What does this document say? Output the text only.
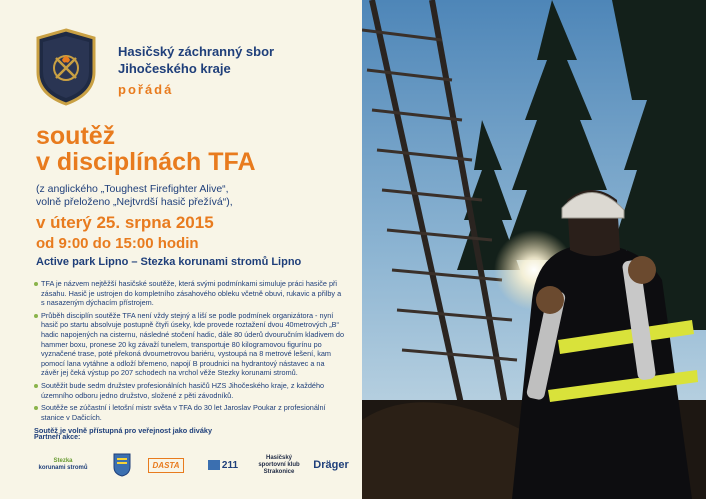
Hasičský záchranný sbor
Jihočeského kraje
pořádá
soutěž
v disciplínách TFA
(z anglického „Toughest Firefighter Alive“,
volně přeloženo „Nejtvrdší hasič přežívá“),
v úterý 25. srpna 2015
od 9:00 do 15:00 hodin
Active park Lipno – Stezka korunami stromů Lipno
TFA je názvem nejtěžší hasičské soutěže, která svými podmínkami simuluje práci hasiče při zásahu. Hasič je ustrojen do kompletního zásahového obleku včetně obuvi, rukavic a přilby a s nasazeným dýchacím přístrojem.
Průběh disciplín soutěže TFA není vždy stejný a liší se podle podmínek organizátora - nyní hasič po startu absolvuje postupně čtyři úseky, kde provede roztažení dvou 40metrových „B“ hadic napojených na cisternu, následné stočení hadic, dále 80 úderů dvouručním kladivem do hammer boxu, pronese 20 kg závaží tunelem, transportuje 80 kilogramovou figurínu po vyznačené trase, poté překoná dvoumetrovou bariéru, vystoupá na 8 metrové lešení, kam pomocí lana vytáhne a odloží břemeno, napojí B proudnici na hydrantový nástavec a na závěr jej čeká výstup po 207 schodech na vrchol věže Stezky korunami stromů.
Soutěžit bude sedm družstev profesionálních hasičů HZS Jihočeského kraje, z každého územního odboru jedno družstvo, složené z pěti závodníků.
Soutěže se zúčastní i letošní mistr světa v TFA do 30 let Jaroslav Poukar z profesionální stanice v Dačicích.
Soutěž je volně přístupná pro veřejnost jako diváky
Partneři akce:
Stezka
korunami stromů	DASTA	211
Hasičský
sportovní klub
Strakonice
Dräger
